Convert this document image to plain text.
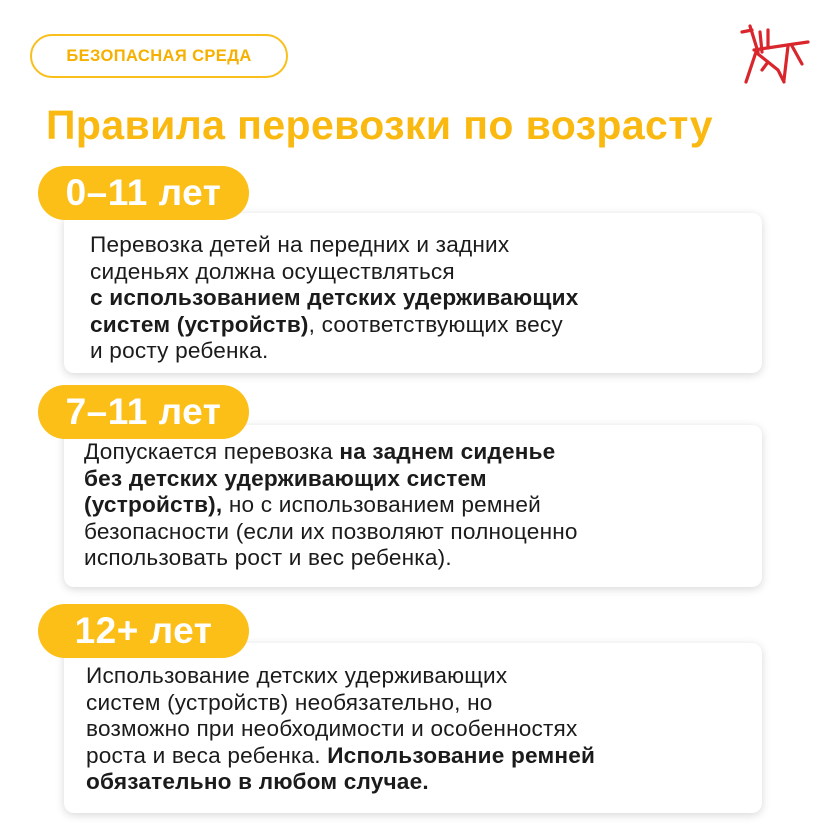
БЕЗОПАСНАЯ СРЕДА
Правила перевозки по возрасту
0–11 лет
Перевозка детей на передних и задних
сиденьях должна осуществляться
с использованием детских удерживающих
систем (устройств), соответствующих весу
и росту ребенка.
7–11 лет
Допускается перевозка на заднем сиденье
без детских удерживающих систем
(устройств), но с использованием ремней
безопасности (если их позволяют полноценно
использовать рост и вес ребенка).
12+ лет
Использование детских удерживающих
систем (устройств) необязательно, но
возможно при необходимости и особенностях
роста и веса ребенка. Использование ремней
обязательно в любом случае.
